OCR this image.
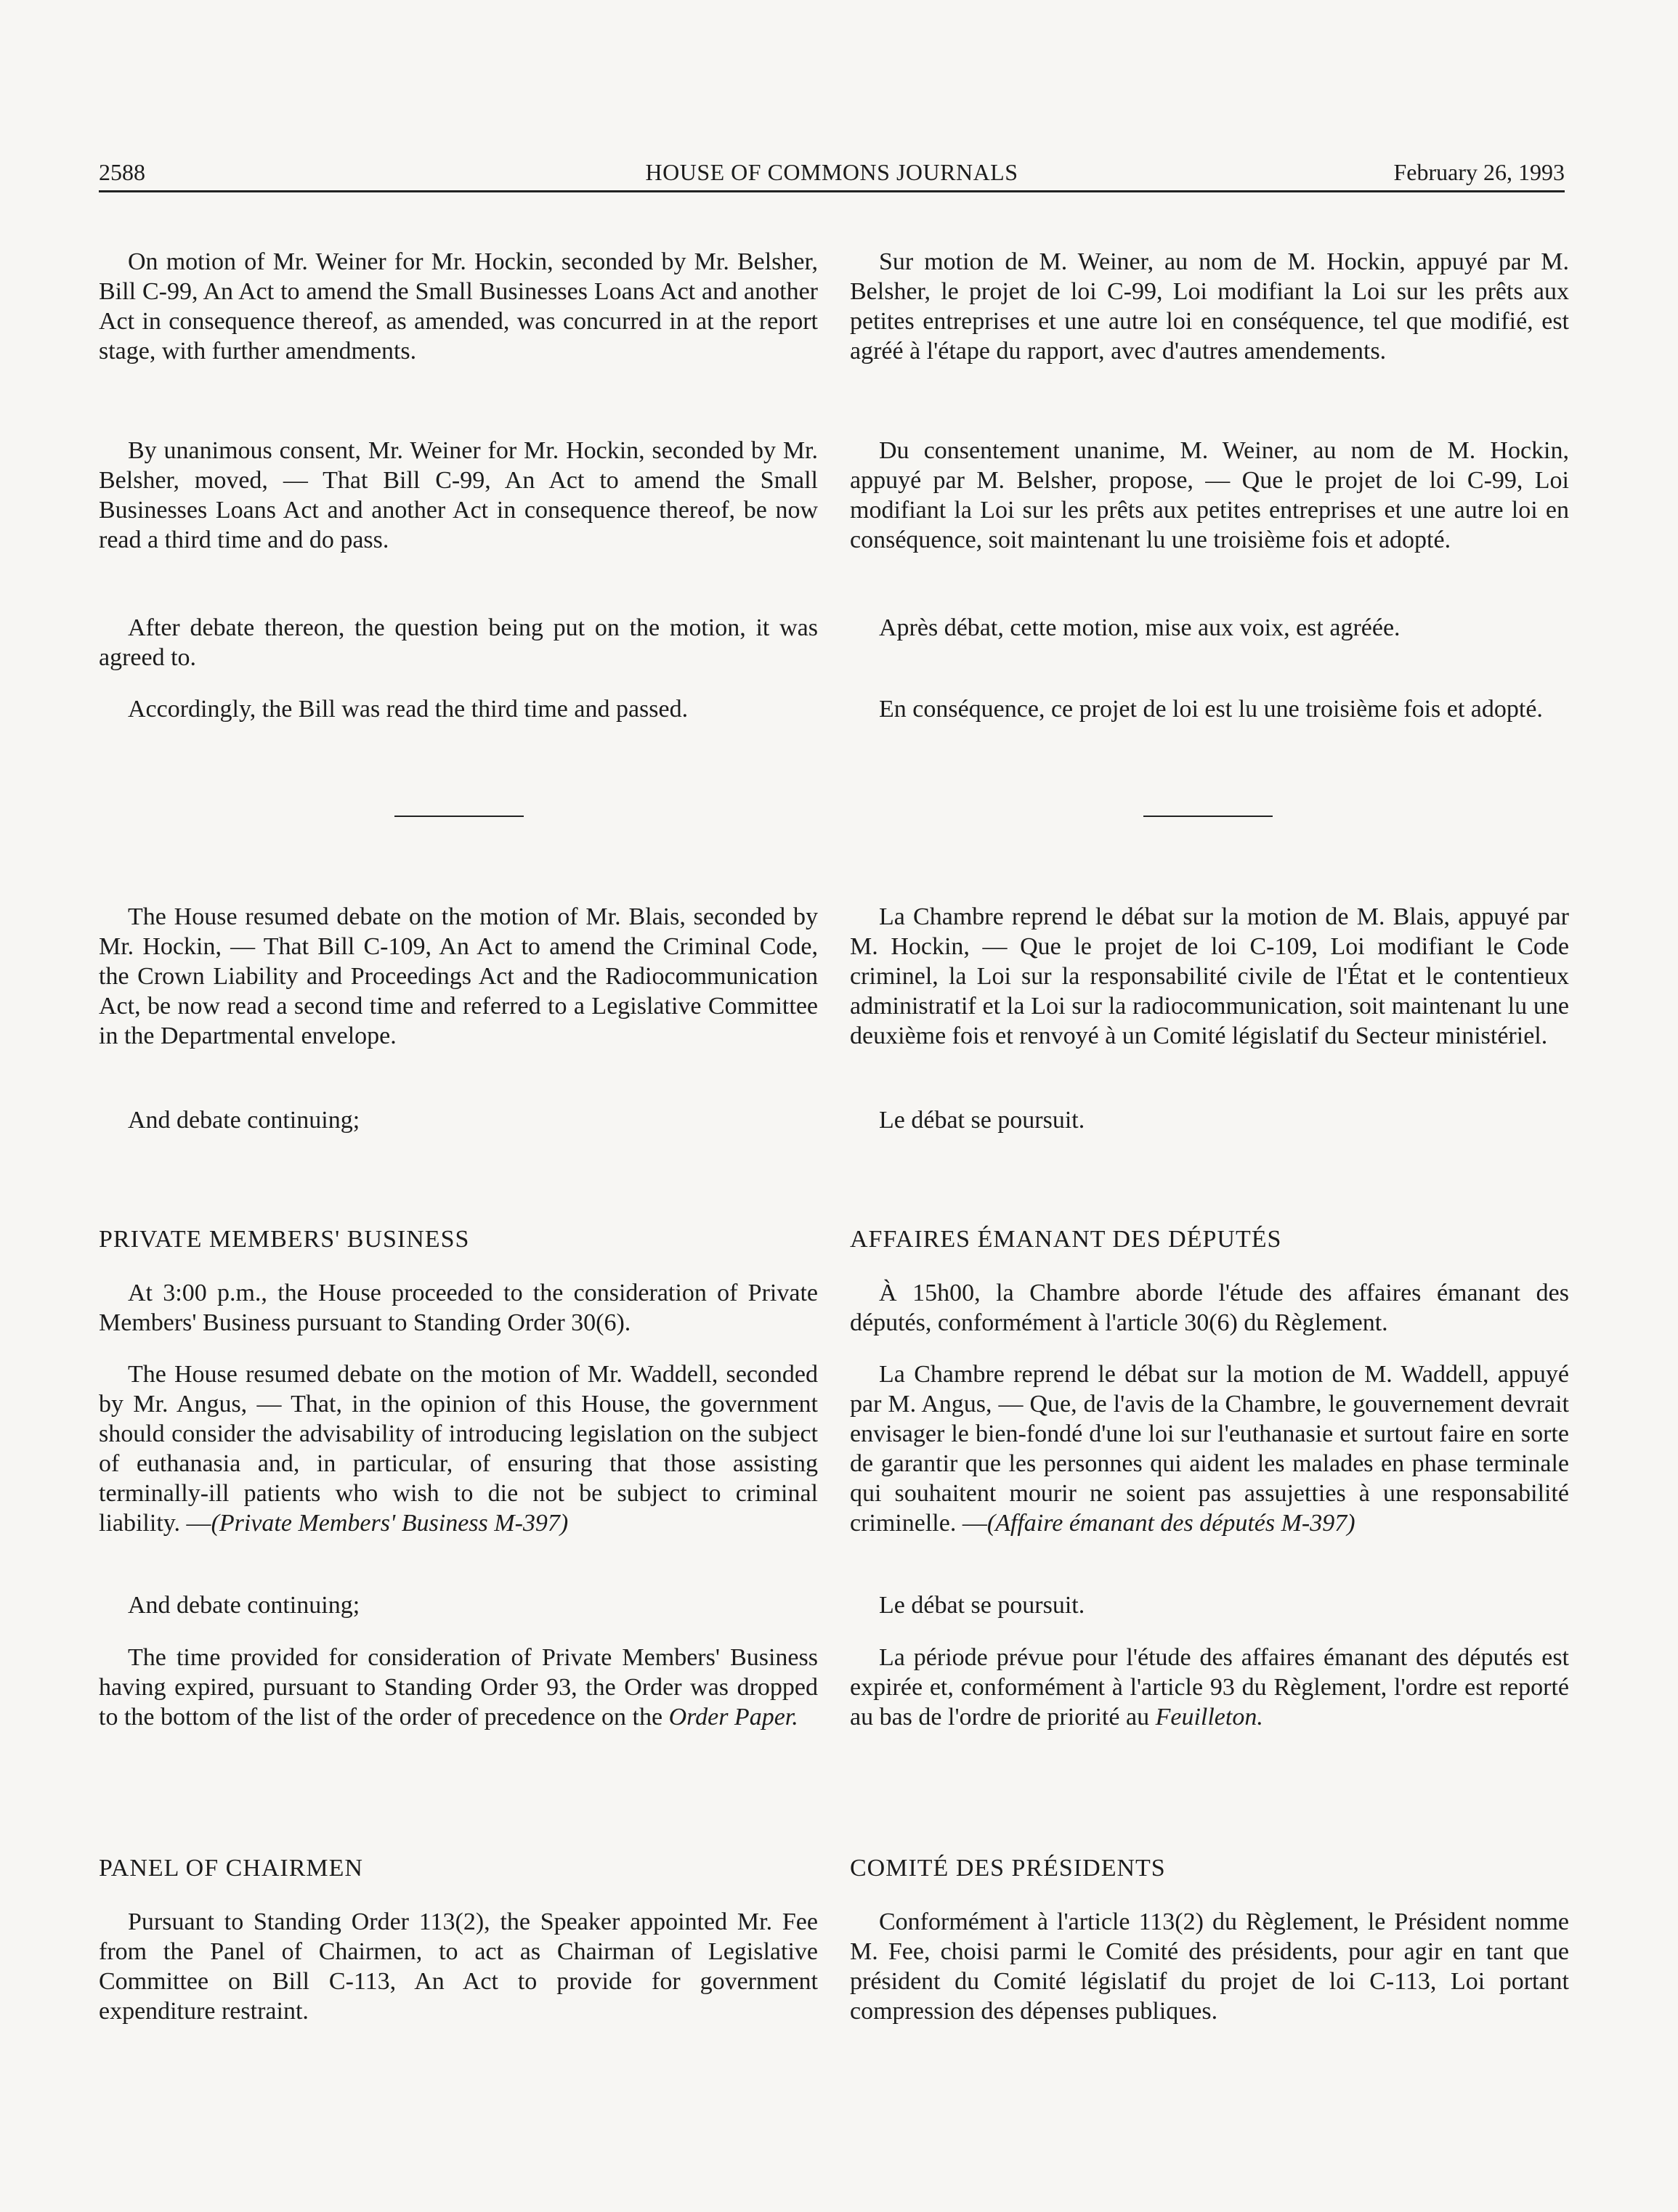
2588	HOUSE OF COMMONS JOURNALS	February 26, 1993

On motion of Mr. Weiner for Mr. Hockin, seconded by Mr. Belsher, Bill C-99, An Act to amend the Small Businesses Loans Act and another Act in consequence thereof, as amended, was concurred in at the report stage, with further amendments.

By unanimous consent, Mr. Weiner for Mr. Hockin, seconded by Mr. Belsher, moved, — That Bill C-99, An Act to amend the Small Businesses Loans Act and another Act in consequence thereof, be now read a third time and do pass.

After debate thereon, the question being put on the motion, it was agreed to.

Accordingly, the Bill was read the third time and passed.

The House resumed debate on the motion of Mr. Blais, seconded by Mr. Hockin, — That Bill C-109, An Act to amend the Criminal Code, the Crown Liability and Proceedings Act and the Radiocommunication Act, be now read a second time and referred to a Legislative Committee in the Departmental envelope.

And debate continuing;

PRIVATE MEMBERS' BUSINESS

At 3:00 p.m., the House proceeded to the consideration of Private Members' Business pursuant to Standing Order 30(6).

The House resumed debate on the motion of Mr. Waddell, seconded by Mr. Angus, — That, in the opinion of this House, the government should consider the advisability of introducing legislation on the subject of euthanasia and, in particular, of ensuring that those assisting terminally-ill patients who wish to die not be subject to criminal liability. —(Private Members' Business M-397)

And debate continuing;

The time provided for consideration of Private Members' Business having expired, pursuant to Standing Order 93, the Order was dropped to the bottom of the list of the order of precedence on the Order Paper.

PANEL OF CHAIRMEN

Pursuant to Standing Order 113(2), the Speaker appointed Mr. Fee from the Panel of Chairmen, to act as Chairman of Legislative Committee on Bill C-113, An Act to provide for government expenditure restraint.

Sur motion de M. Weiner, au nom de M. Hockin, appuyé par M. Belsher, le projet de loi C-99, Loi modifiant la Loi sur les prêts aux petites entreprises et une autre loi en conséquence, tel que modifié, est agréé à l'étape du rapport, avec d'autres amendements.

Du consentement unanime, M. Weiner, au nom de M. Hockin, appuyé par M. Belsher, propose, — Que le projet de loi C-99, Loi modifiant la Loi sur les prêts aux petites entreprises et une autre loi en conséquence, soit maintenant lu une troisième fois et adopté.

Après débat, cette motion, mise aux voix, est agréée.

En conséquence, ce projet de loi est lu une troisième fois et adopté.

La Chambre reprend le débat sur la motion de M. Blais, appuyé par M. Hockin, — Que le projet de loi C-109, Loi modifiant le Code criminel, la Loi sur la responsabilité civile de l'État et le contentieux administratif et la Loi sur la radiocommunication, soit maintenant lu une deuxième fois et renvoyé à un Comité législatif du Secteur ministériel.

Le débat se poursuit.

AFFAIRES ÉMANANT DES DÉPUTÉS

À 15h00, la Chambre aborde l'étude des affaires émanant des députés, conformément à l'article 30(6) du Règlement.

La Chambre reprend le débat sur la motion de M. Waddell, appuyé par M. Angus, — Que, de l'avis de la Chambre, le gouvernement devrait envisager le bien-fondé d'une loi sur l'euthanasie et surtout faire en sorte de garantir que les personnes qui aident les malades en phase terminale qui souhaitent mourir ne soient pas assujetties à une responsabilité criminelle. —(Affaire émanant des députés M-397)

Le débat se poursuit.

La période prévue pour l'étude des affaires émanant des députés est expirée et, conformément à l'article 93 du Règlement, l'ordre est reporté au bas de l'ordre de priorité au Feuilleton.

COMITÉ DES PRÉSIDENTS

Conformément à l'article 113(2) du Règlement, le Président nomme M. Fee, choisi parmi le Comité des présidents, pour agir en tant que président du Comité législatif du projet de loi C-113, Loi portant compression des dépenses publiques.
